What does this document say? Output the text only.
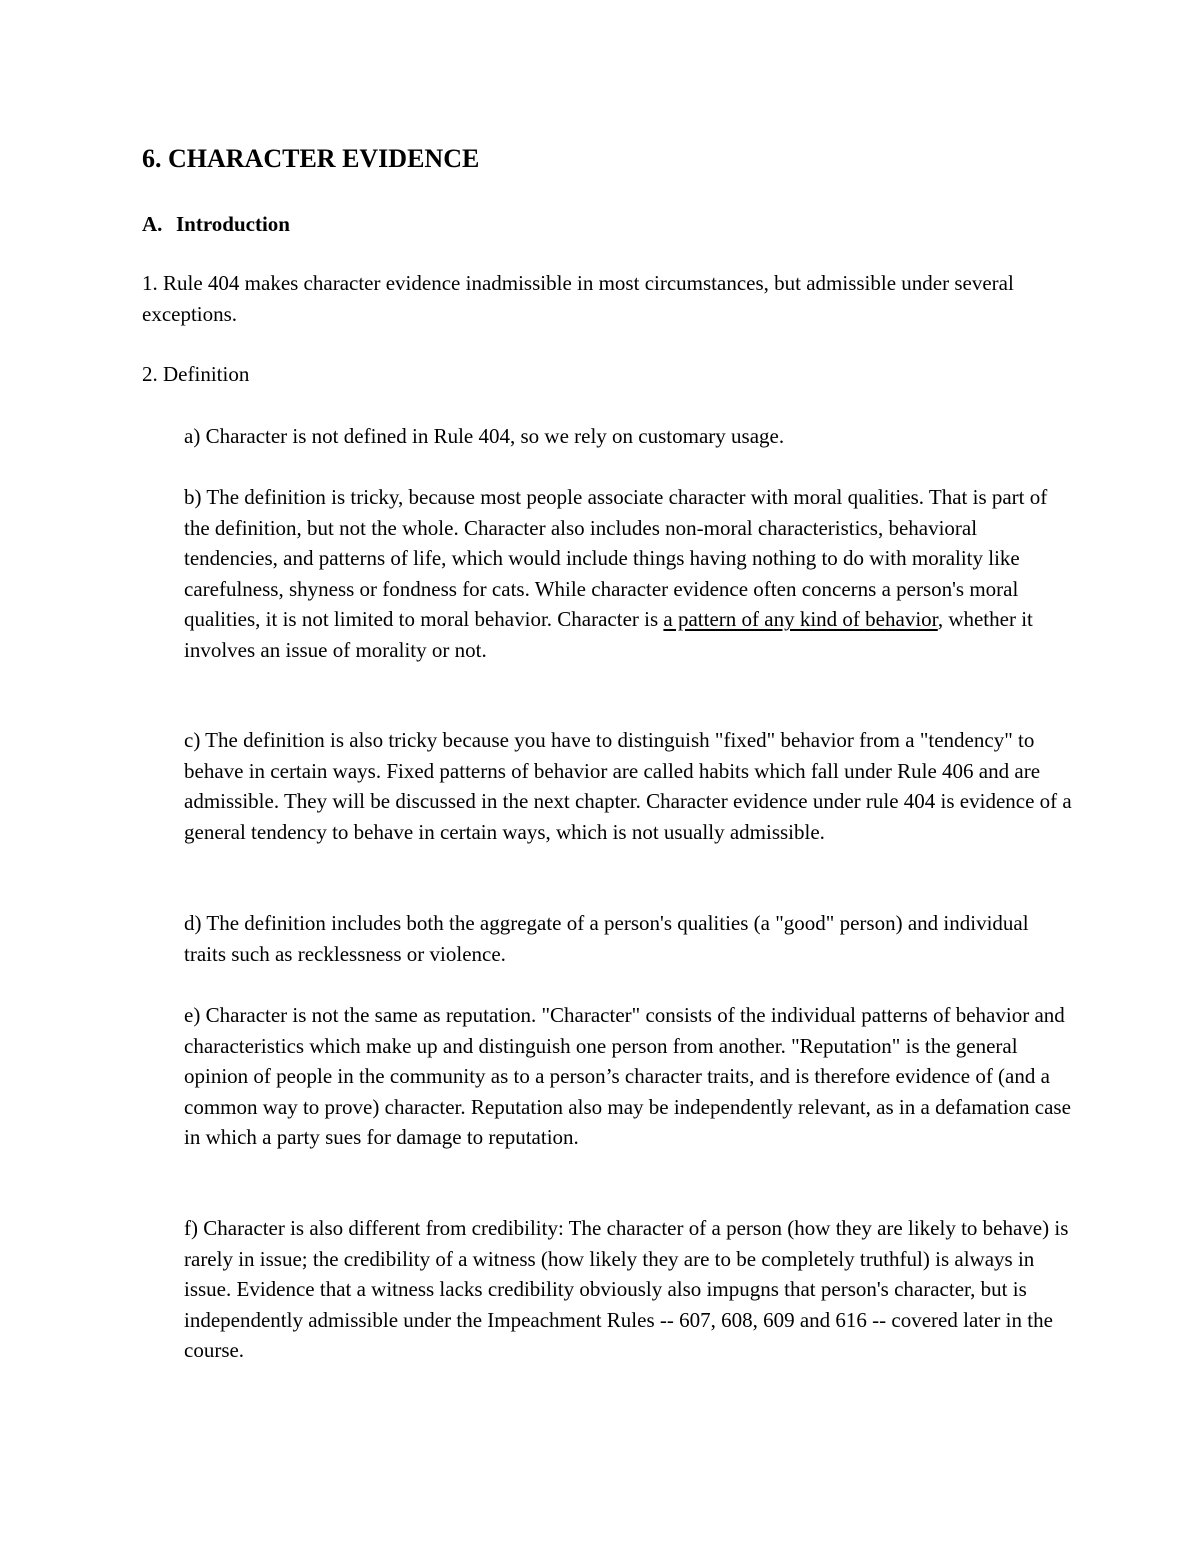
6. CHARACTER EVIDENCE
A. Introduction

1. Rule 404 makes character evidence inadmissible in most circumstances, but admissible under several exceptions.

2. Definition

a) Character is not defined in Rule 404, so we rely on customary usage.

b) The definition is tricky, because most people associate character with moral qualities. That is part of the definition, but not the whole. Character also includes non-moral characteristics, behavioral tendencies, and patterns of life, which would include things having nothing to do with morality like carefulness, shyness or fondness for cats. While character evidence often concerns a person's moral qualities, it is not limited to moral behavior. Character is a pattern of any kind of behavior, whether it involves an issue of morality or not.

c) The definition is also tricky because you have to distinguish "fixed" behavior from a "tendency" to behave in certain ways. Fixed patterns of behavior are called habits which fall under Rule 406 and are admissible. They will be discussed in the next chapter. Character evidence under rule 404 is evidence of a general tendency to behave in certain ways, which is not usually admissible.

d) The definition includes both the aggregate of a person's qualities (a "good" person) and individual traits such as recklessness or violence.

e) Character is not the same as reputation. "Character" consists of the individual patterns of behavior and characteristics which make up and distinguish one person from another. "Reputation" is the general opinion of people in the community as to a person’s character traits, and is therefore evidence of (and a common way to prove) character. Reputation also may be independently relevant, as in a defamation case in which a party sues for damage to reputation.

f) Character is also different from credibility: The character of a person (how they are likely to behave) is rarely in issue; the credibility of a witness (how likely they are to be completely truthful) is always in issue. Evidence that a witness lacks credibility obviously also impugns that person's character, but is independently admissible under the Impeachment Rules -- 607, 608, 609 and 616 -- covered later in the course.
